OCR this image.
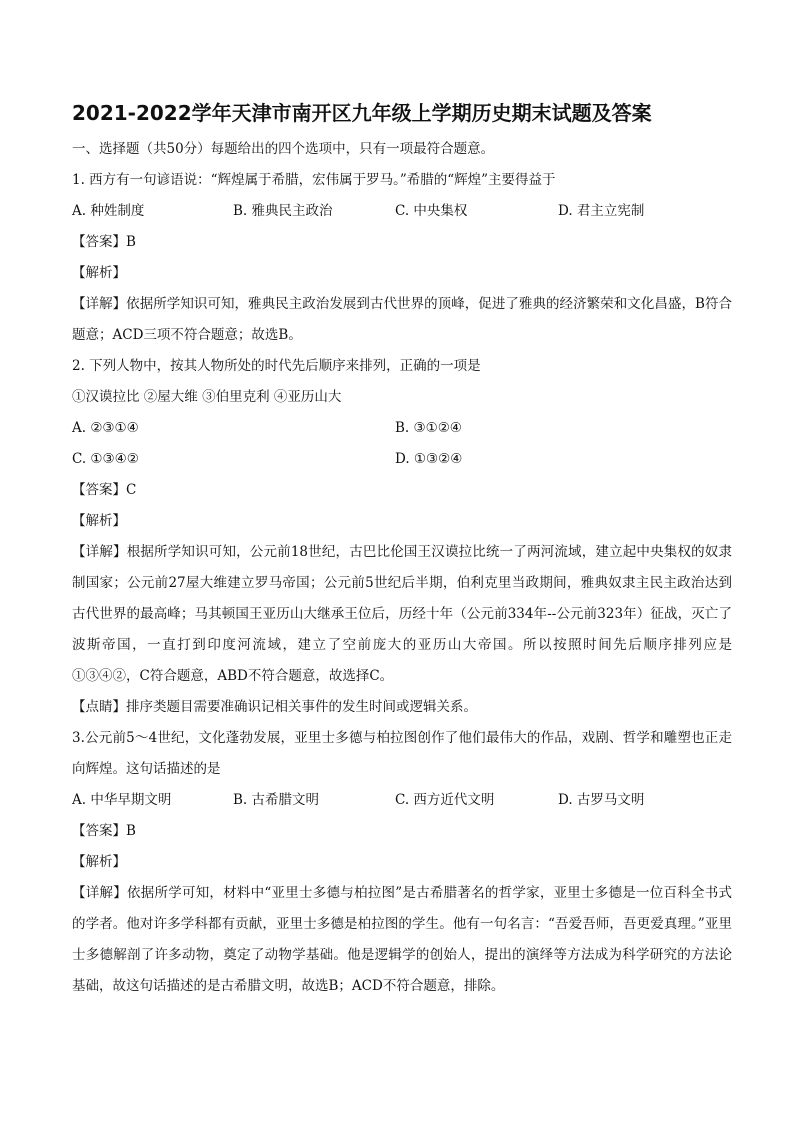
2021-2022学年天津市南开区九年级上学期历史期末试题及答案
一、选择题（共50分）每题给出的四个选项中，只有一项最符合题意。
1. 西方有一句谚语说：“辉煌属于希腊，宏伟属于罗马。”希腊的“辉煌”主要得益于
A. 种姓制度	B. 雅典民主政治	C. 中央集权	D. 君主立宪制
【答案】B
【解析】
【详解】依据所学知识可知，雅典民主政治发展到古代世界的顶峰，促进了雅典的经济繁荣和文化昌盛，B符合题意；ACD三项不符合题意；故选B。
2. 下列人物中，按其人物所处的时代先后顺序来排列，正确的一项是
①汉谟拉比 ②屋大维 ③伯里克利 ④亚历山大
A. ②③①④	B. ③①②④
C. ①③④②	D. ①③②④
【答案】C
【解析】
【详解】根据所学知识可知，公元前18世纪，古巴比伦国王汉谟拉比统一了两河流域，建立起中央集权的奴隶制国家；公元前27屋大维建立罗马帝国；公元前5世纪后半期，伯利克里当政期间，雅典奴隶主民主政治达到古代世界的最高峰；马其顿国王亚历山大继承王位后，历经十年（公元前334年--公元前323年）征战，灭亡了波斯帝国，一直打到印度河流域，建立了空前庞大的亚历山大帝国。所以按照时间先后顺序排列应是①③④②，C符合题意，ABD不符合题意，故选择C。
【点睛】排序类题目需要准确识记相关事件的发生时间或逻辑关系。
3.公元前5～4世纪，文化蓬勃发展，亚里士多德与柏拉图创作了他们最伟大的作品，戏剧、哲学和雕塑也正走向辉煌。这句话描述的是
A. 中华早期文明	B. 古希腊文明	C. 西方近代文明	D. 古罗马文明
【答案】B
【解析】
【详解】依据所学可知，材料中“亚里士多德与柏拉图”是古希腊著名的哲学家，亚里士多德是一位百科全书式的学者。他对许多学科都有贡献，亚里士多德是柏拉图的学生。他有一句名言：“吾爱吾师，吾更爱真理。”亚里士多德解剖了许多动物，奠定了动物学基础。他是逻辑学的创始人，提出的演绎等方法成为科学研究的方法论基础，故这句话描述的是古希腊文明，故选B；ACD不符合题意，排除。
